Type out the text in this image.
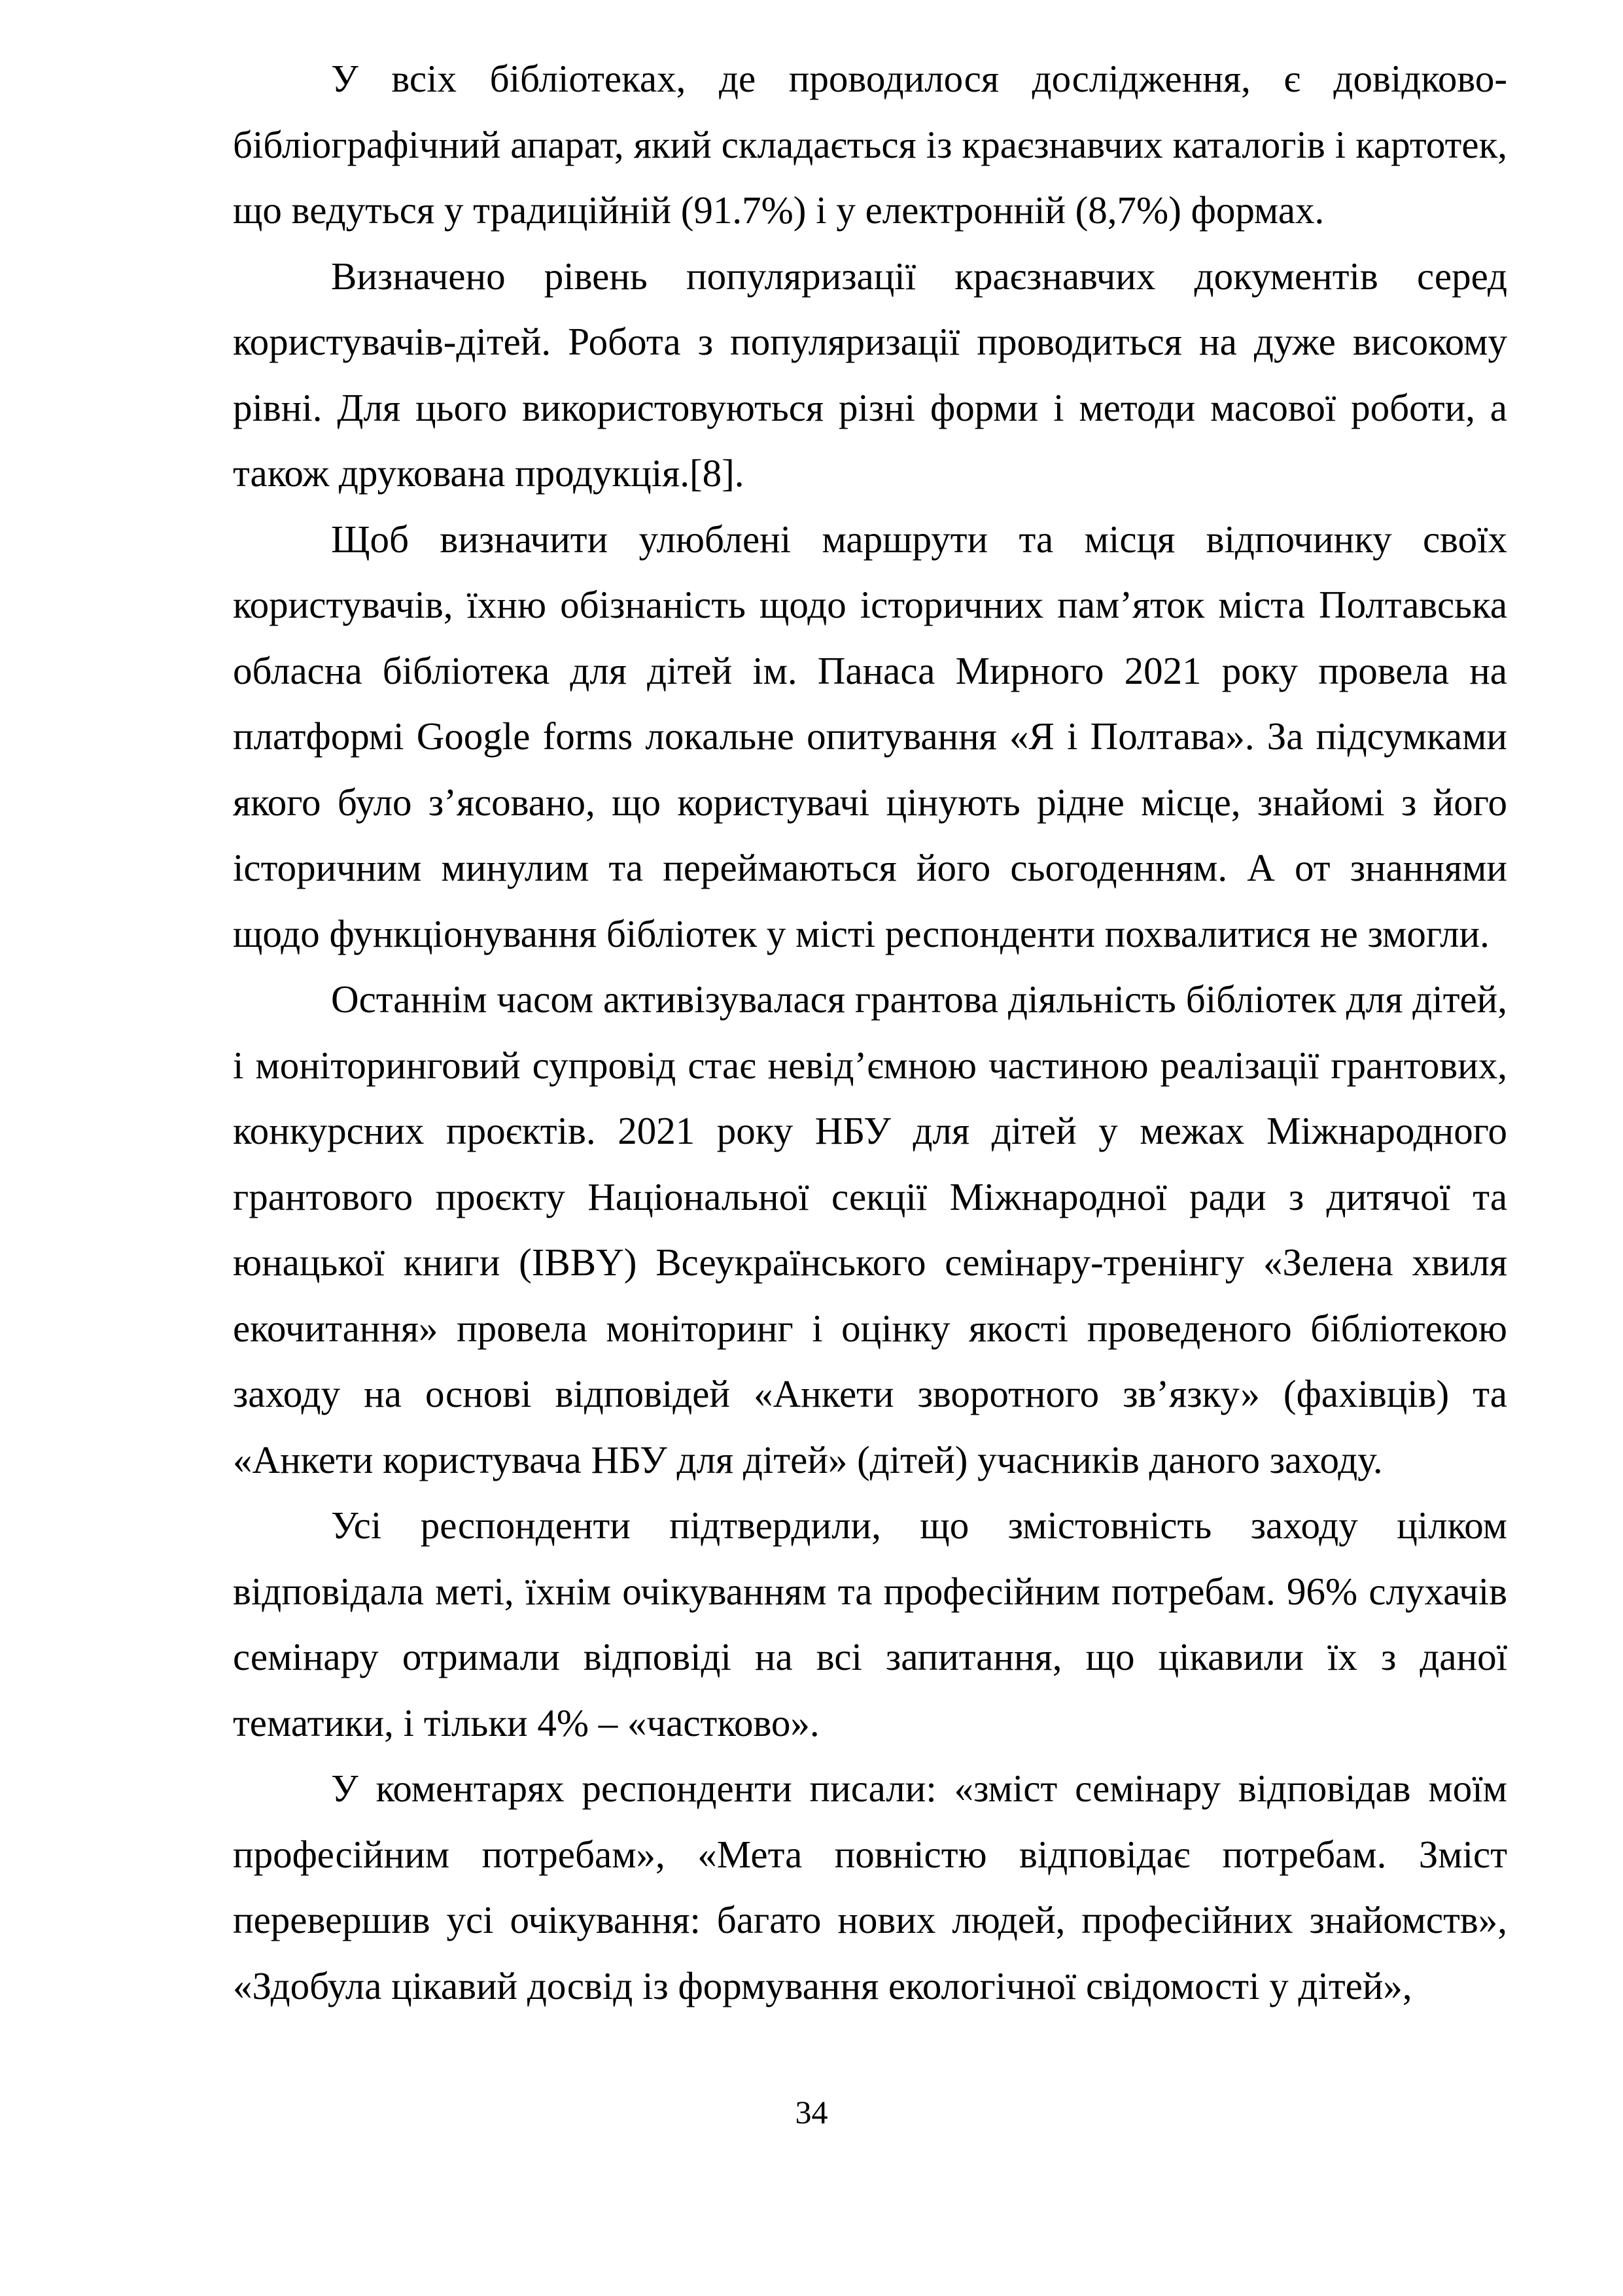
У всіх бібліотеках, де проводилося дослідження, є довідково-бібліографічний апарат, який складається із краєзнавчих каталогів і картотек, що ведуться у традиційній (91.7%) і у електронній (8,7%) формах.

Визначено рівень популяризації краєзнавчих документів серед користувачів-дітей. Робота з популяризації проводиться на дуже високому рівні. Для цього використовуються різні форми і методи масової роботи, а також друкована продукція.[8].

Щоб визначити улюблені маршрути та місця відпочинку своїх користувачів, їхню обізнаність щодо історичних пам’яток міста Полтавська обласна бібліотека для дітей ім. Панаса Мирного 2021 року провела на платформі Google forms локальне опитування «Я і Полтава». За підсумками якого було з’ясовано, що користувачі цінують рідне місце, знайомі з його історичним минулим та переймаються його сьогоденням. А от знаннями щодо функціонування бібліотек у місті респонденти похвалитися не змогли.

Останнім часом активізувалася грантова діяльність бібліотек для дітей, і моніторинговий супровід стає невід’ємною частиною реалізації грантових, конкурсних проєктів. 2021 року НБУ для дітей у межах Міжнародного грантового проєкту Національної секції Міжнародної ради з дитячої та юнацької книги (IBBY) Всеукраїнського семінару-тренінгу «Зелена хвиля екочитання» провела моніторинг і оцінку якості проведеного бібліотекою заходу на основі відповідей «Анкети зворотного зв’язку» (фахівців) та «Анкети користувача НБУ для дітей» (дітей) учасників даного заходу.

Усі респонденти підтвердили, що змістовність заходу цілком відповідала меті, їхнім очікуванням та професійним потребам. 96% слухачів семінару отримали відповіді на всі запитання, що цікавили їх з даної тематики, і тільки 4% – «частково».

У коментарях респонденти писали: «зміст семінару відповідав моїм професійним потребам», «Мета повністю відповідає потребам. Зміст перевершив усі очікування: багато нових людей, професійних знайомств», «Здобула цікавий досвід із формування екологічної свідомості у дітей»,

34
